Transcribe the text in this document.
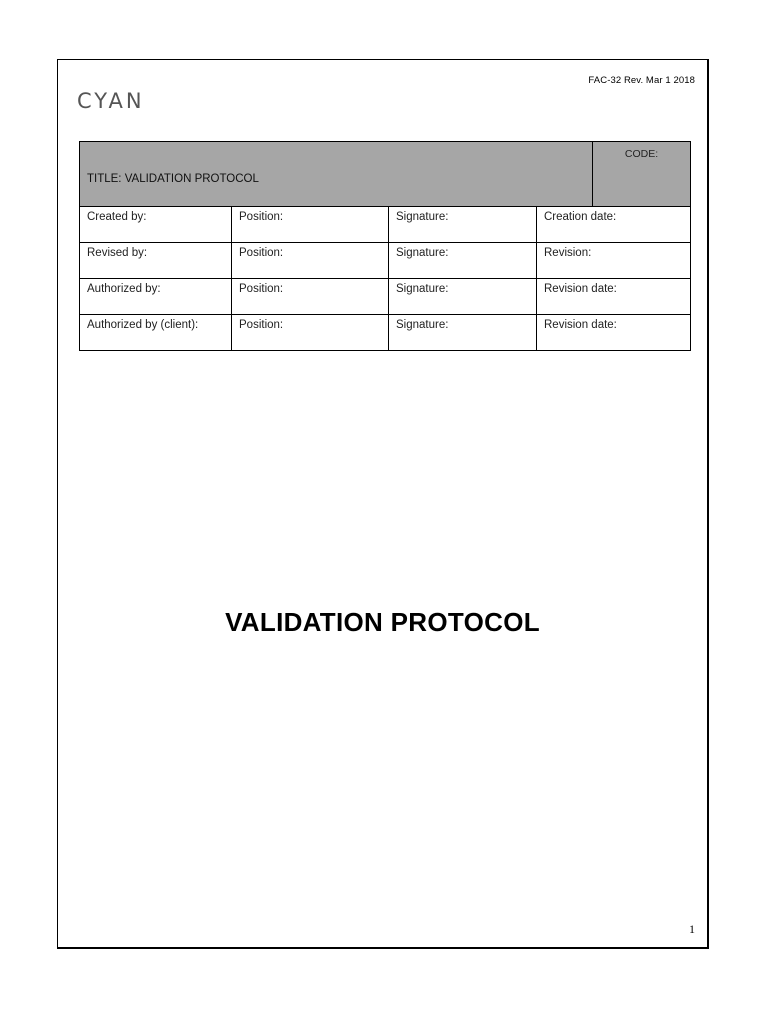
FAC-32 Rev. Mar 1 2018
CYAN
TITLE: VALIDATION PROTOCOL				CODE:
Created by:	Position:	Signature:	Creation date:	
Revised by:	Position:	Signature:	Revision:	
Authorized by:	Position:	Signature:	Revision date:	
Authorized by (client):	Position:	Signature:	Revision date:	
VALIDATION PROTOCOL
1
